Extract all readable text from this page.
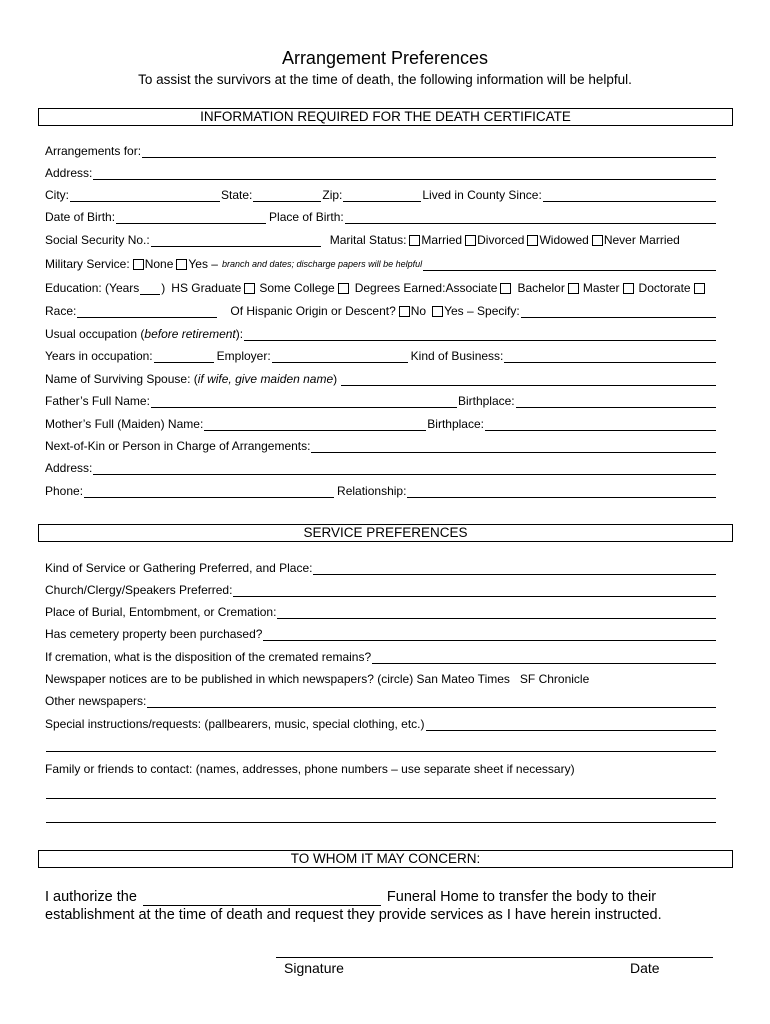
Arrangement Preferences
To assist the survivors at the time of death, the following information will be helpful.
INFORMATION REQUIRED FOR THE DEATH CERTIFICATE
Arrangements for:
Address:
City:	State:	Zip:	Lived in County Since:
Date of Birth:	Place of Birth:
Social Security No.:	Marital Status: Married Divorced Widowed Never Married
Military Service: None Yes – branch and dates; discharge papers will be helpful
Education: (Years ) HS Graduate Some College Degrees Earned: Associate Bachelor Master Doctorate
Race:	Of Hispanic Origin or Descent? No Yes – Specify:
Usual occupation ( before retirement ):
Years in occupation:	Employer:	Kind of Business:
Name of Surviving Spouse: ( if wife, give maiden name )
Father’s Full Name:	Birthplace:
Mother’s Full (Maiden) Name:	Birthplace:
Next-of-Kin or Person in Charge of Arrangements:
Address:
Phone:	Relationship:
SERVICE PREFERENCES
Kind of Service or Gathering Preferred, and Place:
Church/Clergy/Speakers Preferred:
Place of Burial, Entombment, or Cremation:
Has cemetery property been purchased?
If cremation, what is the disposition of the cremated remains?
Newspaper notices are to be published in which newspapers? (circle) San Mateo Times   SF Chronicle
Other newspapers:
Special instructions/requests: (pallbearers, music, special clothing, etc.)
Family or friends to contact: (names, addresses, phone numbers – use separate sheet if necessary)
TO WHOM IT MAY CONCERN:
I authorize the	Funeral Home to transfer the body to their
establishment at the time of death and request they provide services as I have herein instructed.
Signature	Date
